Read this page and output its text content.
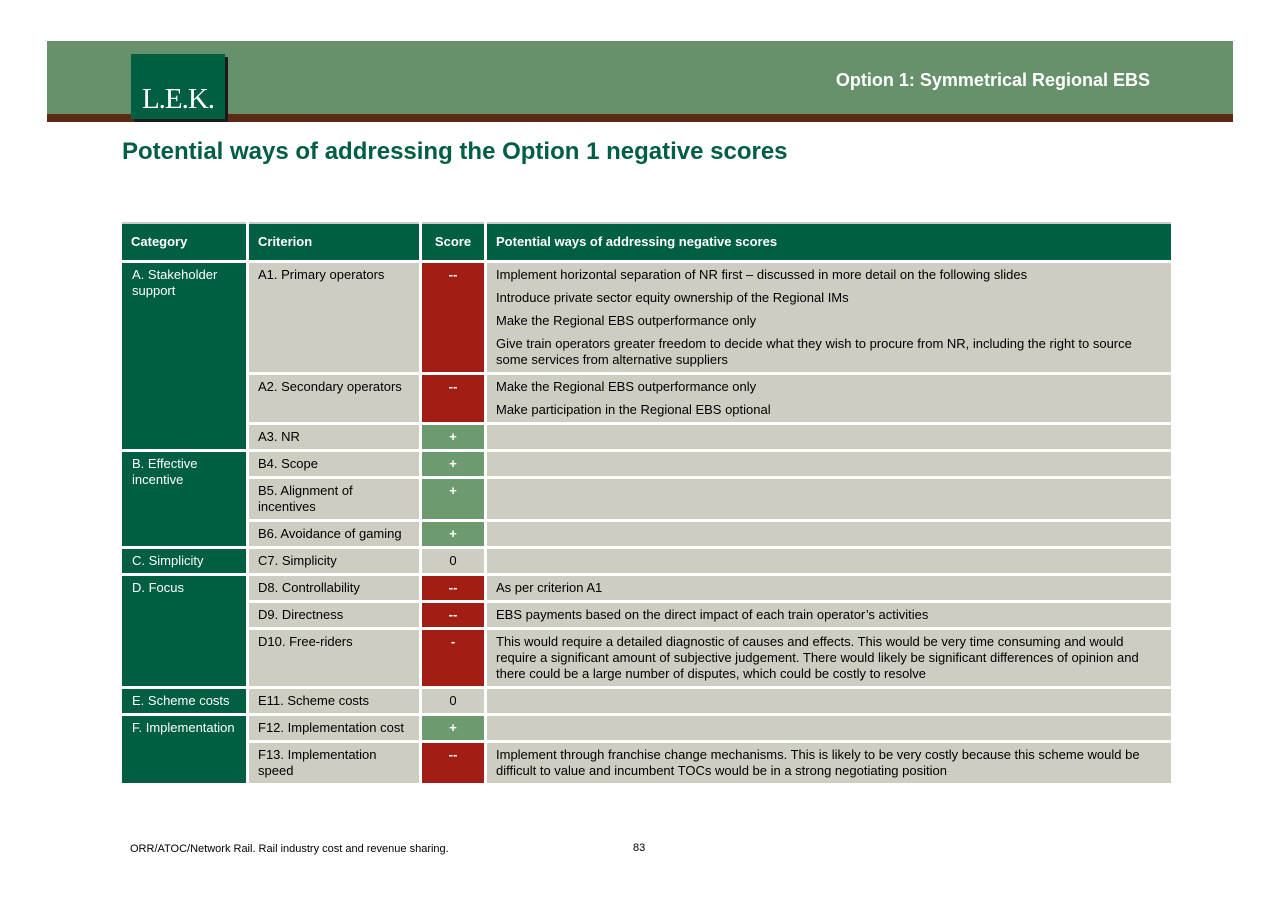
L.E.K.
Option 1: Symmetrical Regional EBS
Potential ways of addressing the Option 1 negative scores
Category	Criterion	Score	Potential ways of addressing negative scores
A. Stakeholder support	A1. Primary operators	--	Implement horizontal separation of NR first – discussed in more detail on the following slides
Introduce private sector equity ownership of the Regional IMs
Make the Regional EBS outperformance only
Give train operators greater freedom to decide what they wish to procure from NR, including the right to source some services from alternative suppliers

	A2. Secondary operators	--	Make the Regional EBS outperformance only
Make participation in the Regional EBS optional

	A3. NR	+	
B. Effective incentive	B4. Scope	+	
	B5. Alignment of incentives	+	
	B6. Avoidance of gaming	+	
C. Simplicity	C7. Simplicity	0	
D. Focus	D8. Controllability	--	As per criterion A1

	D9. Directness	--	EBS payments based on the direct impact of each train operator’s activities

	D10. Free-riders	-	This would require a detailed diagnostic of causes and effects. This would be very time consuming and would require a significant amount of subjective judgement. There would likely be significant differences of opinion and there could be a large number of disputes, which could be costly to resolve

E. Scheme costs	E11. Scheme costs	0	
F. Implementation	F12. Implementation cost	+	
	F13. Implementation speed	--	Implement through franchise change mechanisms. This is likely to be very costly because this scheme would be difficult to value and incumbent TOCs would be in a strong negotiating position
ORR/ATOC/Network Rail. Rail industry cost and revenue sharing.	83
